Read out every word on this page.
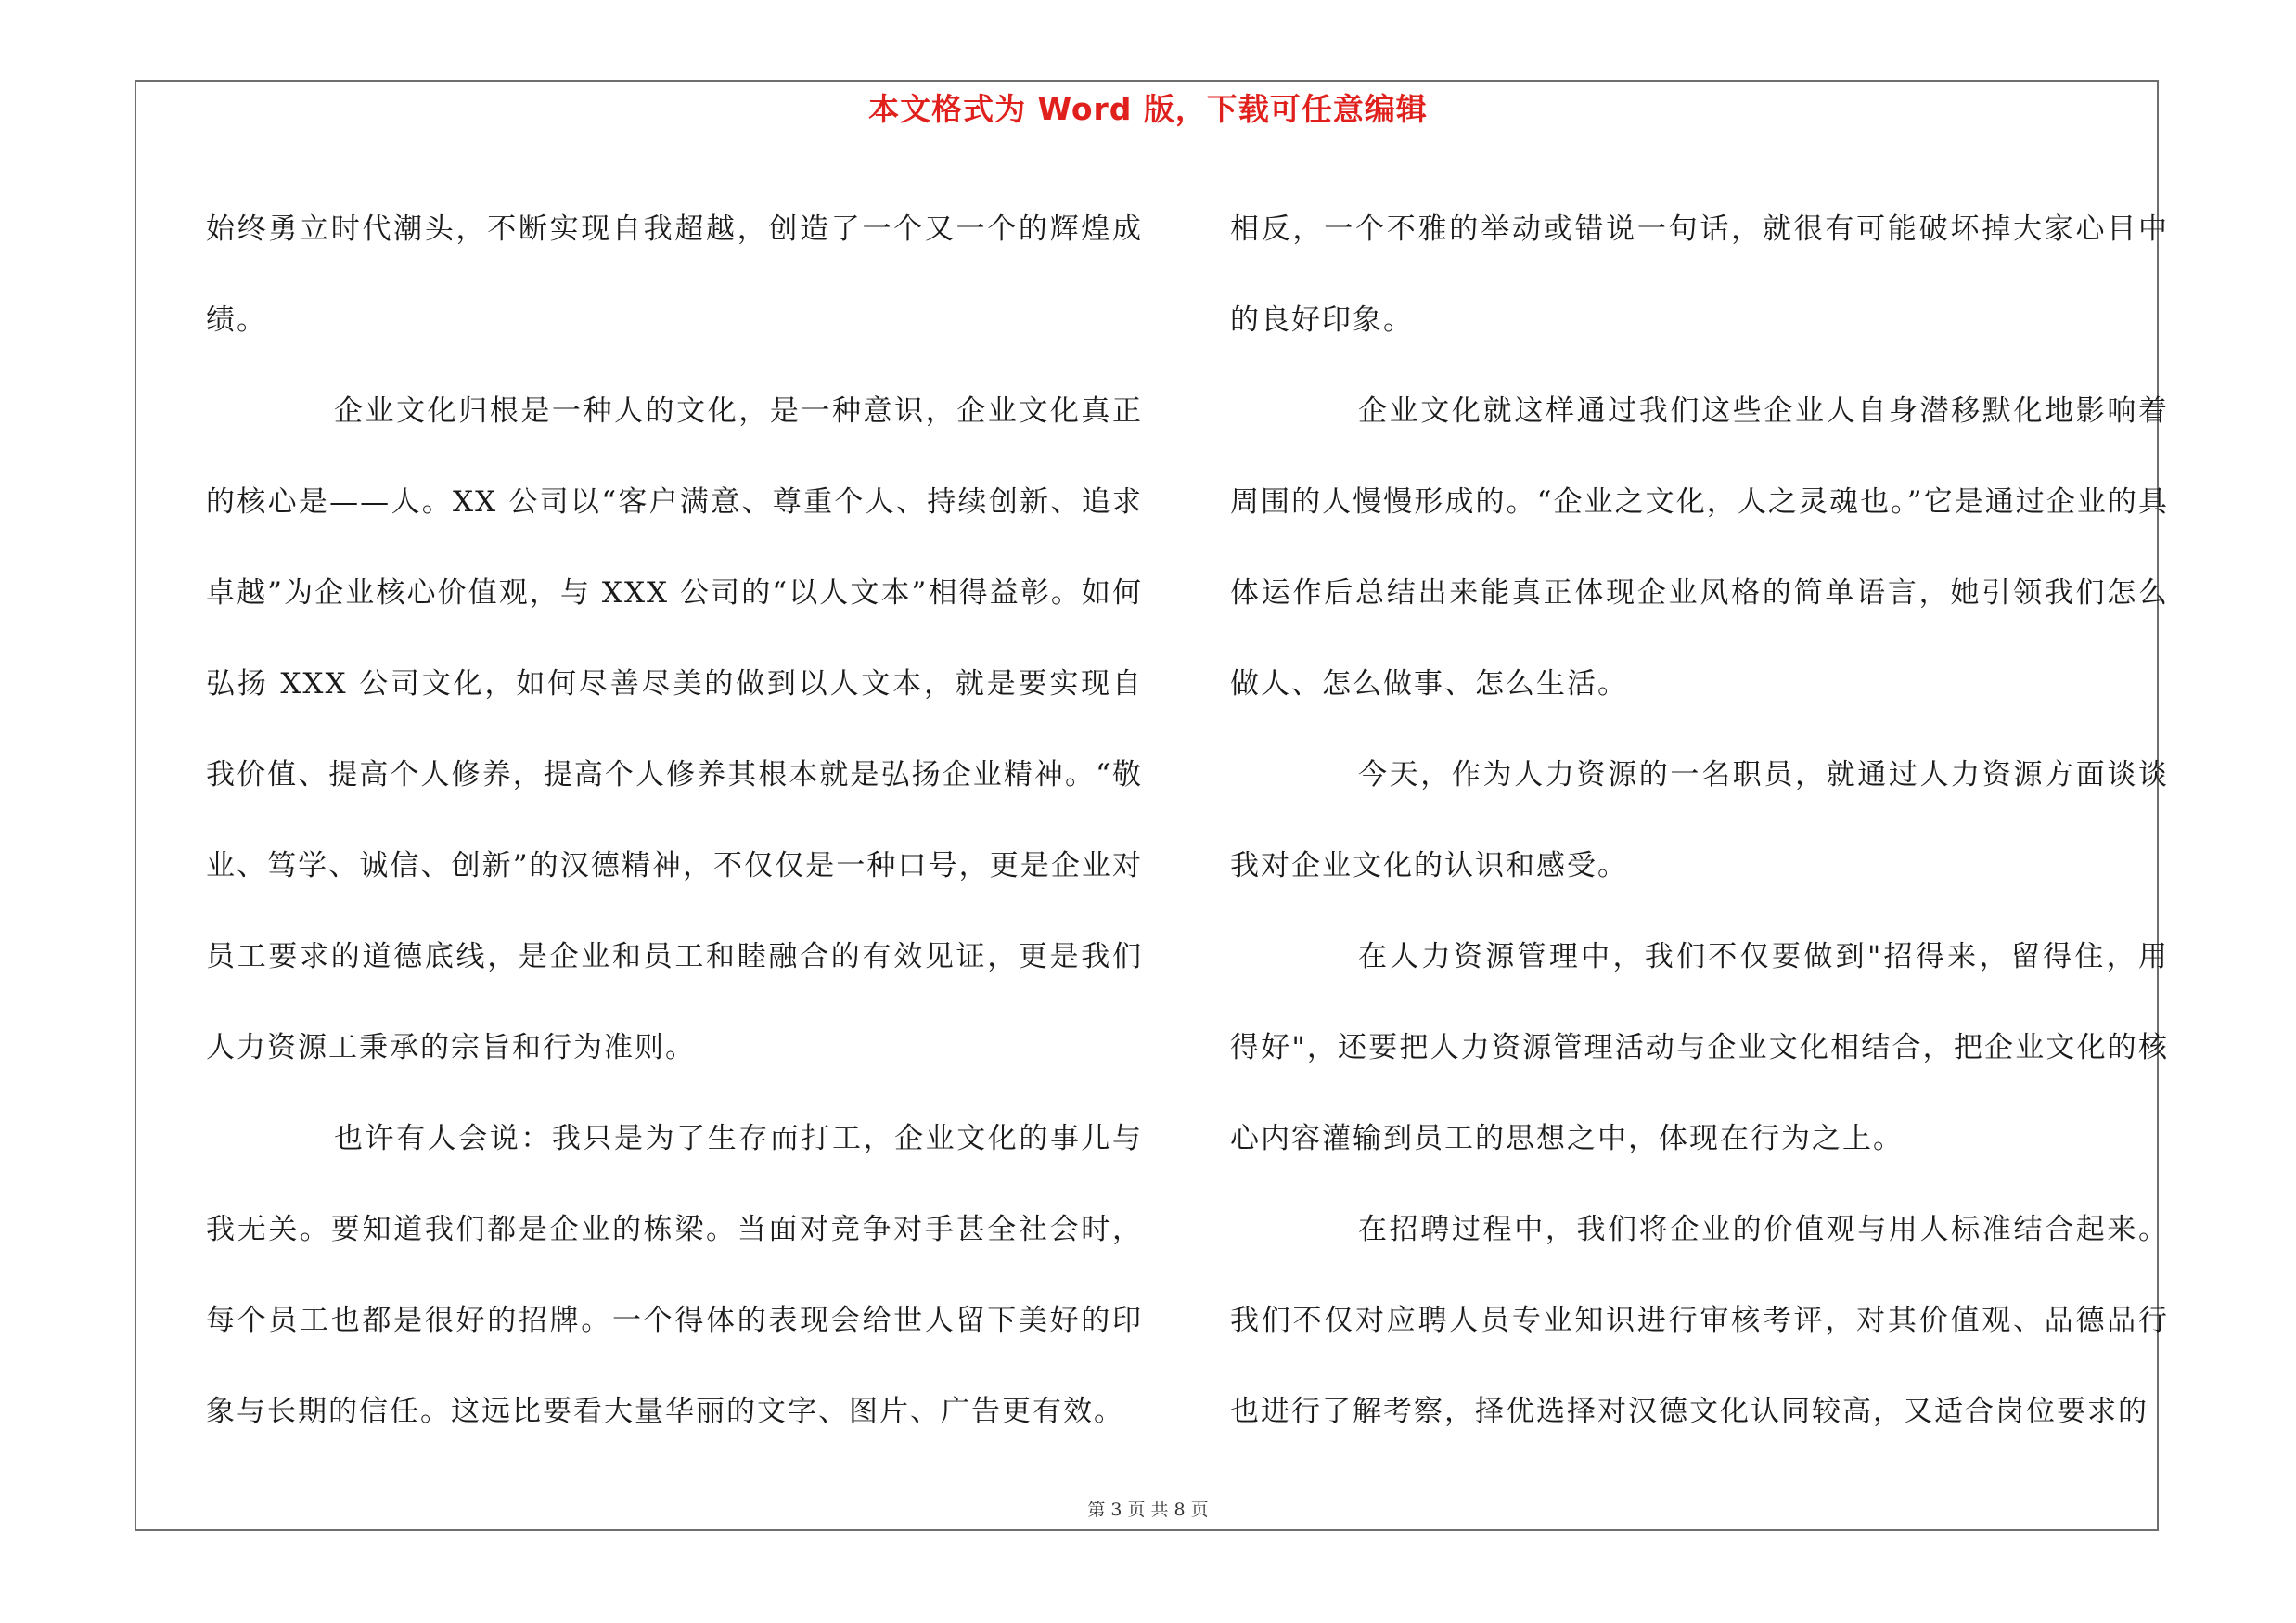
本文格式为 Word 版，下载可任意编辑

始终勇立时代潮头，不断实现自我超越，创造了一个又一个的辉煌成绩。

企业文化归根是一种人的文化，是一种意识，企业文化真正的核心是——人。XX 公司以“客户满意、尊重个人、持续创新、追求卓越”为企业核心价值观，与 XXX 公司的“以人文本”相得益彰。如何弘扬 XXX 公司文化，如何尽善尽美的做到以人文本，就是要实现自我价值、提高个人修养，提高个人修养其根本就是弘扬企业精神。“敬业、笃学、诚信、创新”的汉德精神，不仅仅是一种口号，更是企业对员工要求的道德底线，是企业和员工和睦融合的有效见证，更是我们人力资源工秉承的宗旨和行为准则。

也许有人会说：我只是为了生存而打工，企业文化的事儿与我无关。要知道我们都是企业的栋梁。当面对竞争对手甚全社会时，每个员工也都是很好的招牌。一个得体的表现会给世人留下美好的印象与长期的信任。这远比要看大量华丽的文字、图片、广告更有效。

相反，一个不雅的举动或错说一句话，就很有可能破坏掉大家心目中的良好印象。

企业文化就这样通过我们这些企业人自身潜移默化地影响着周围的人慢慢形成的。“企业之文化，人之灵魂也。”它是通过企业的具体运作后总结出来能真正体现企业风格的简单语言，她引领我们怎么做人、怎么做事、怎么生活。

今天，作为人力资源的一名职员，就通过人力资源方面谈谈我对企业文化的认识和感受。

在人力资源管理中，我们不仅要做到"招得来，留得住，用得好"，还要把人力资源管理活动与企业文化相结合，把企业文化的核心内容灌输到员工的思想之中，体现在行为之上。

在招聘过程中，我们将企业的价值观与用人标准结合起来。我们不仅对应聘人员专业知识进行审核考评，对其价值观、品德品行也进行了解考察，择优选择对汉德文化认同较高，又适合岗位要求的

第 3 页 共 8 页
